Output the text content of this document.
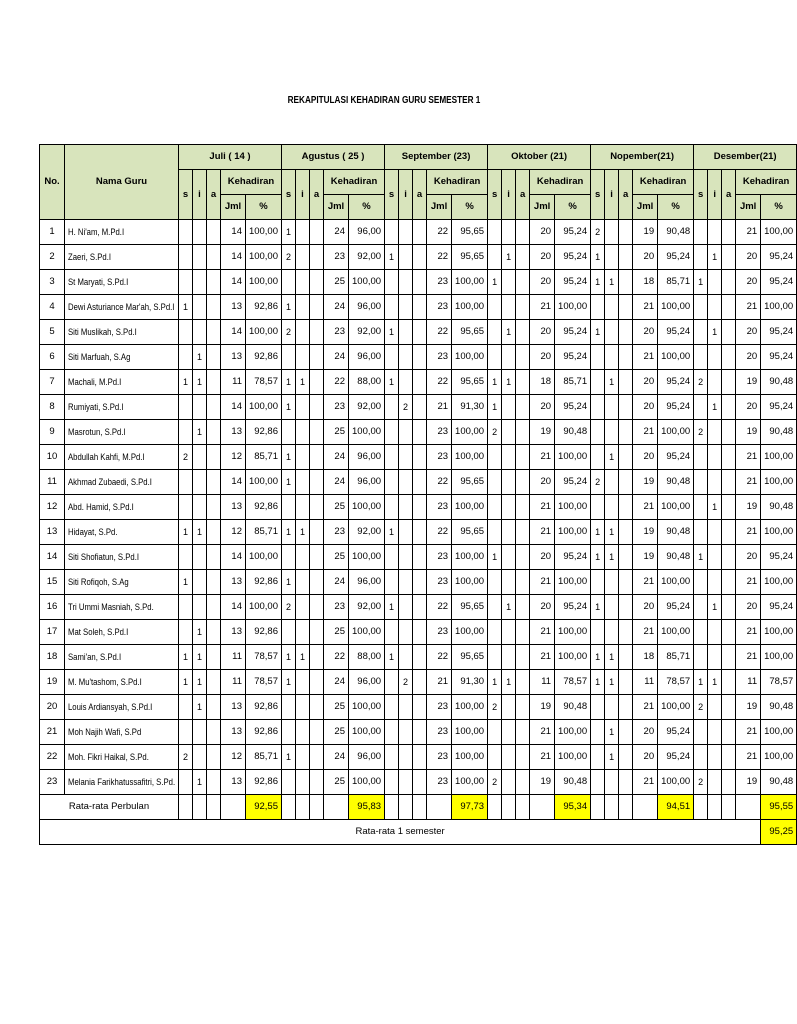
REKAPITULASI KEHADIRAN GURU SEMESTER 1
No.	Nama Guru	Juli ( 14 )					Agustus ( 25 )					September (23)					Oktober (21)					Nopember(21)					Desember(21)				
		s	i	a	Kehadiran		s	i	a	Kehadiran		s	i	a	Kehadiran		s	i	a	Kehadiran		s	i	a	Kehadiran		s	i	a	Kehadiran	
					Jml	%				Jml	%				Jml	%				Jml	%				Jml	%				Jml	%
1	H. Ni'am, M.Pd.I				14	100,00	1			24	96,00				22	95,65				20	95,24	2			19	90,48				21	100,00
2	Zaeri, S.Pd.I				14	100,00	2			23	92,00	1			22	95,65		1		20	95,24	1			20	95,24		1		20	95,24
3	St Maryati, S.Pd.I				14	100,00				25	100,00				23	100,00	1			20	95,24	1	1		18	85,71	1			20	95,24
4	Dewi Asturiance Mar'ah, S.Pd.I	1			13	92,86	1			24	96,00				23	100,00				21	100,00				21	100,00				21	100,00
5	Siti Muslikah, S.Pd.I				14	100,00	2			23	92,00	1			22	95,65		1		20	95,24	1			20	95,24		1		20	95,24
6	Siti Marfuah, S.Ag		1		13	92,86				24	96,00				23	100,00				20	95,24				21	100,00				20	95,24
7	Machali, M.Pd.I	1	1		11	78,57	1	1		22	88,00	1			22	95,65	1	1		18	85,71		1		20	95,24	2			19	90,48
8	Rumiyati, S.Pd.I				14	100,00	1			23	92,00		2		21	91,30	1			20	95,24				20	95,24		1		20	95,24
9	Masrotun, S.Pd.I		1		13	92,86				25	100,00				23	100,00	2			19	90,48				21	100,00	2			19	90,48
10	Abdullah Kahfi, M.Pd.I	2			12	85,71	1			24	96,00				23	100,00				21	100,00		1		20	95,24				21	100,00
11	Akhmad Zubaedi, S.Pd.I				14	100,00	1			24	96,00				22	95,65				20	95,24	2			19	90,48				21	100,00
12	Abd. Hamid, S.Pd.I				13	92,86				25	100,00				23	100,00				21	100,00				21	100,00		1		19	90,48
13	Hidayat, S.Pd.	1	1		12	85,71	1	1		23	92,00	1			22	95,65				21	100,00	1	1		19	90,48				21	100,00
14	Siti Shofiatun, S.Pd.I				14	100,00				25	100,00				23	100,00	1			20	95,24	1	1		19	90,48	1			20	95,24
15	Siti Rofiqoh, S.Ag	1			13	92,86	1			24	96,00				23	100,00				21	100,00				21	100,00				21	100,00
16	Tri Ummi Masniah, S.Pd.				14	100,00	2			23	92,00	1			22	95,65		1		20	95,24	1			20	95,24		1		20	95,24
17	Mat Soleh, S.Pd.I		1		13	92,86				25	100,00				23	100,00				21	100,00				21	100,00				21	100,00
18	Sami'an, S.Pd.I	1	1		11	78,57	1	1		22	88,00	1			22	95,65				21	100,00	1	1		18	85,71				21	100,00
19	M. Mu'tashom, S.Pd.I	1	1		11	78,57	1			24	96,00		2		21	91,30	1	1		11	78,57	1	1		11	78,57	1	1		11	78,57
20	Louis Ardiansyah, S.Pd.I		1		13	92,86				25	100,00				23	100,00	2			19	90,48				21	100,00	2			19	90,48
21	Moh Najih Wafi, S.Pd				13	92,86				25	100,00				23	100,00				21	100,00		1		20	95,24				21	100,00
22	Moh. Fikri Haikal, S.Pd.	2			12	85,71	1			24	96,00				23	100,00				21	100,00		1		20	95,24				21	100,00
23	Melania Farikhatussafitri, S.Pd.		1		13	92,86				25	100,00				23	100,00	2			19	90,48				21	100,00	2			19	90,48
Rata-rata Perbulan						92,55					95,83					97,73					95,34					94,51					95,55
Rata-rata 1 semester																															95,25
